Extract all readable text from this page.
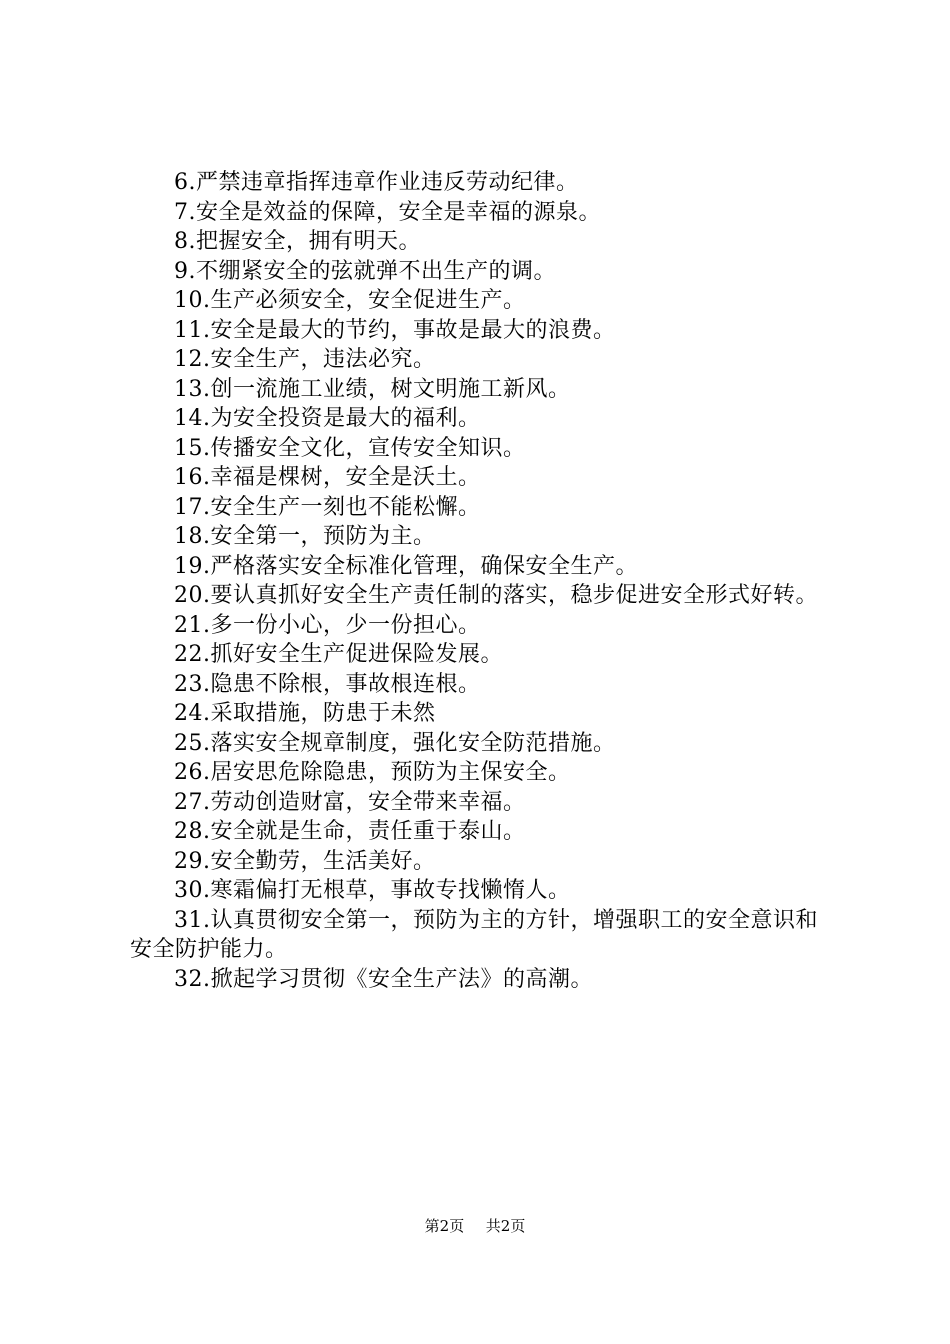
6.严禁违章指挥违章作业违反劳动纪律。

7.安全是效益的保障，安全是幸福的源泉。

8.把握安全，拥有明天。

9.不绷紧安全的弦就弹不出生产的调。

10.生产必须安全，安全促进生产。

11.安全是最大的节约，事故是最大的浪费。

12.安全生产，违法必究。

13.创一流施工业绩，树文明施工新风。

14.为安全投资是最大的福利。

15.传播安全文化，宣传安全知识。

16.幸福是棵树，安全是沃土。

17.安全生产一刻也不能松懈。

18.安全第一，预防为主。

19.严格落实安全标准化管理，确保安全生产。

20.要认真抓好安全生产责任制的落实，稳步促进安全形式好转。

21.多一份小心，少一份担心。

22.抓好安全生产促进保险发展。

23.隐患不除根，事故根连根。

24.采取措施，防患于未然

25.落实安全规章制度，强化安全防范措施。

26.居安思危除隐患，预防为主保安全。

27.劳动创造财富，安全带来幸福。

28.安全就是生命，责任重于泰山。

29.安全勤劳，生活美好。

30.寒霜偏打无根草，事故专找懒惰人。

31.认真贯彻安全第一，预防为主的方针，增强职工的安全意识和安全防护能力。

32.掀起学习贯彻《安全生产法》的高潮。

第2页 共2页
